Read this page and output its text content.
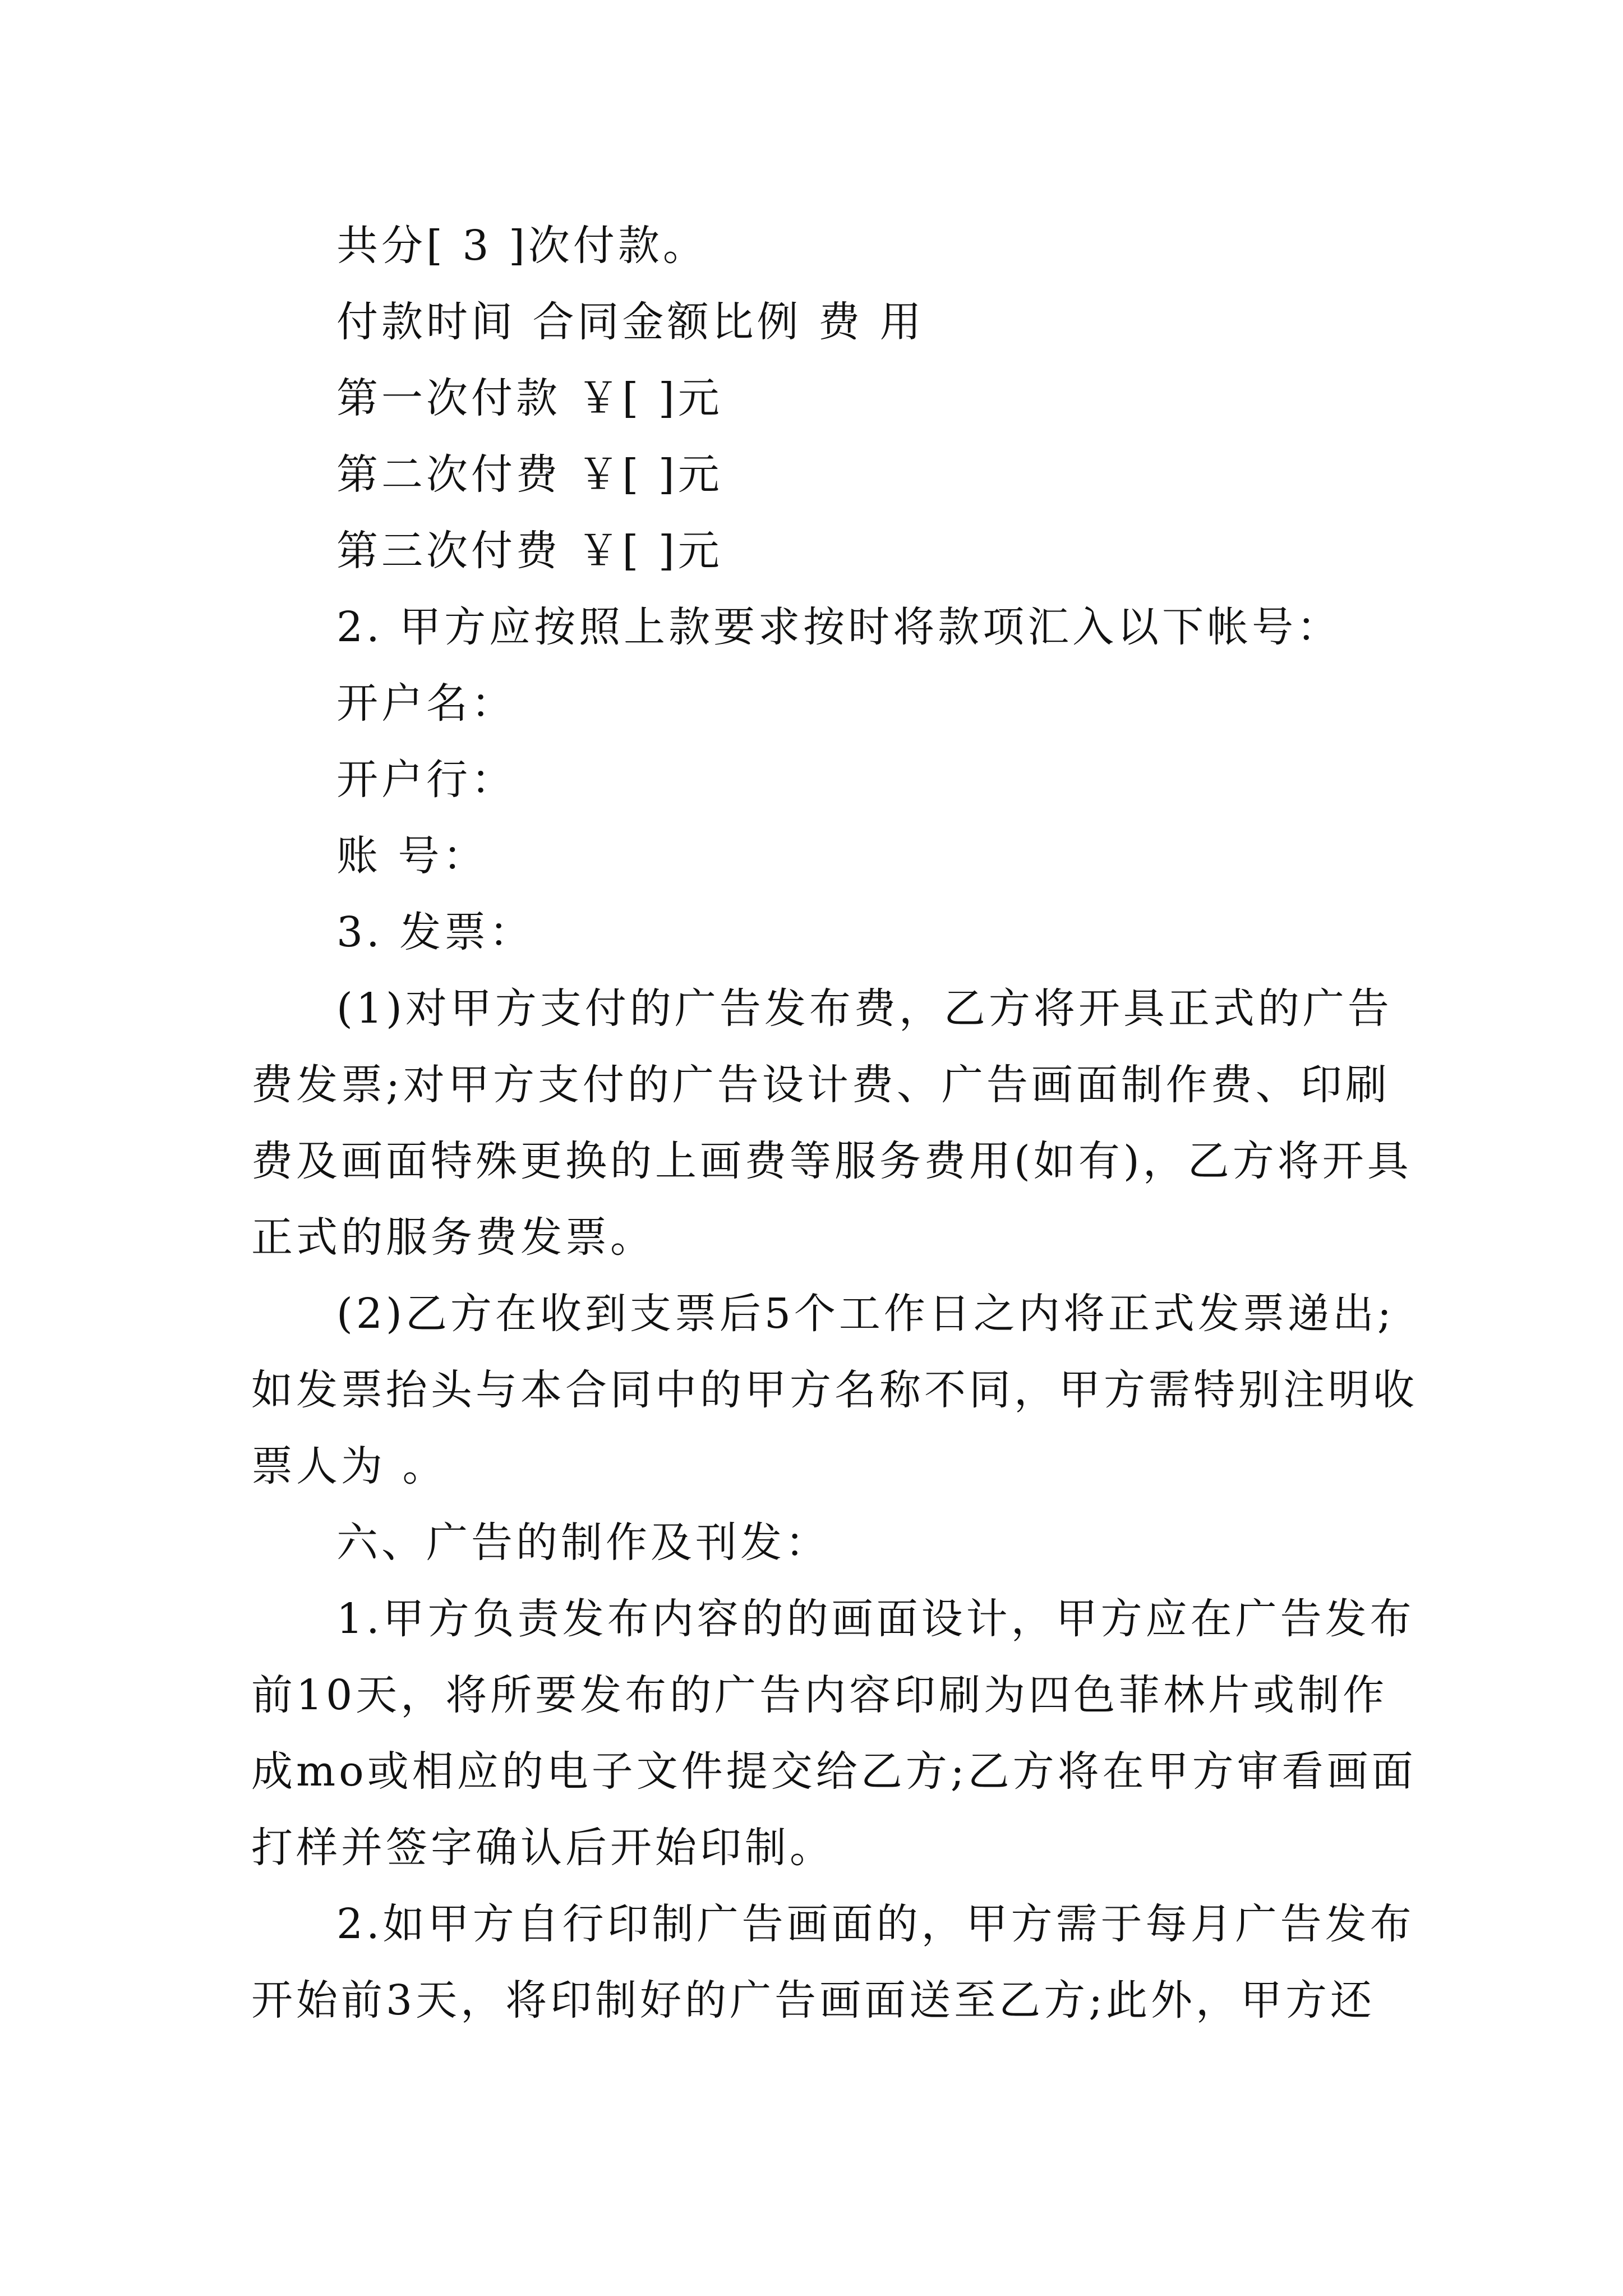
共分[ 3 ]次付款。
付款时间 合同金额比例 费 用
第一次付款 ￥[ ]元
第二次付费 ￥[ ]元
第三次付费 ￥[ ]元
2. 甲方应按照上款要求按时将款项汇入以下帐号：
开户名：
开户行：
账 号：
3. 发票：
(1)对甲方支付的广告发布费，乙方将开具正式的广告
费发票;对甲方支付的广告设计费、广告画面制作费、印刷
费及画面特殊更换的上画费等服务费用(如有)，乙方将开具
正式的服务费发票。
(2)乙方在收到支票后5个工作日之内将正式发票递出;
如发票抬头与本合同中的甲方名称不同，甲方需特别注明收
票人为 。
六、广告的制作及刊发：
1.甲方负责发布内容的的画面设计，甲方应在广告发布
前10天，将所要发布的广告内容印刷为四色菲林片或制作
成mo或相应的电子文件提交给乙方;乙方将在甲方审看画面
打样并签字确认后开始印制。
2.如甲方自行印制广告画面的，甲方需于每月广告发布
开始前3天，将印制好的广告画面送至乙方;此外，甲方还
